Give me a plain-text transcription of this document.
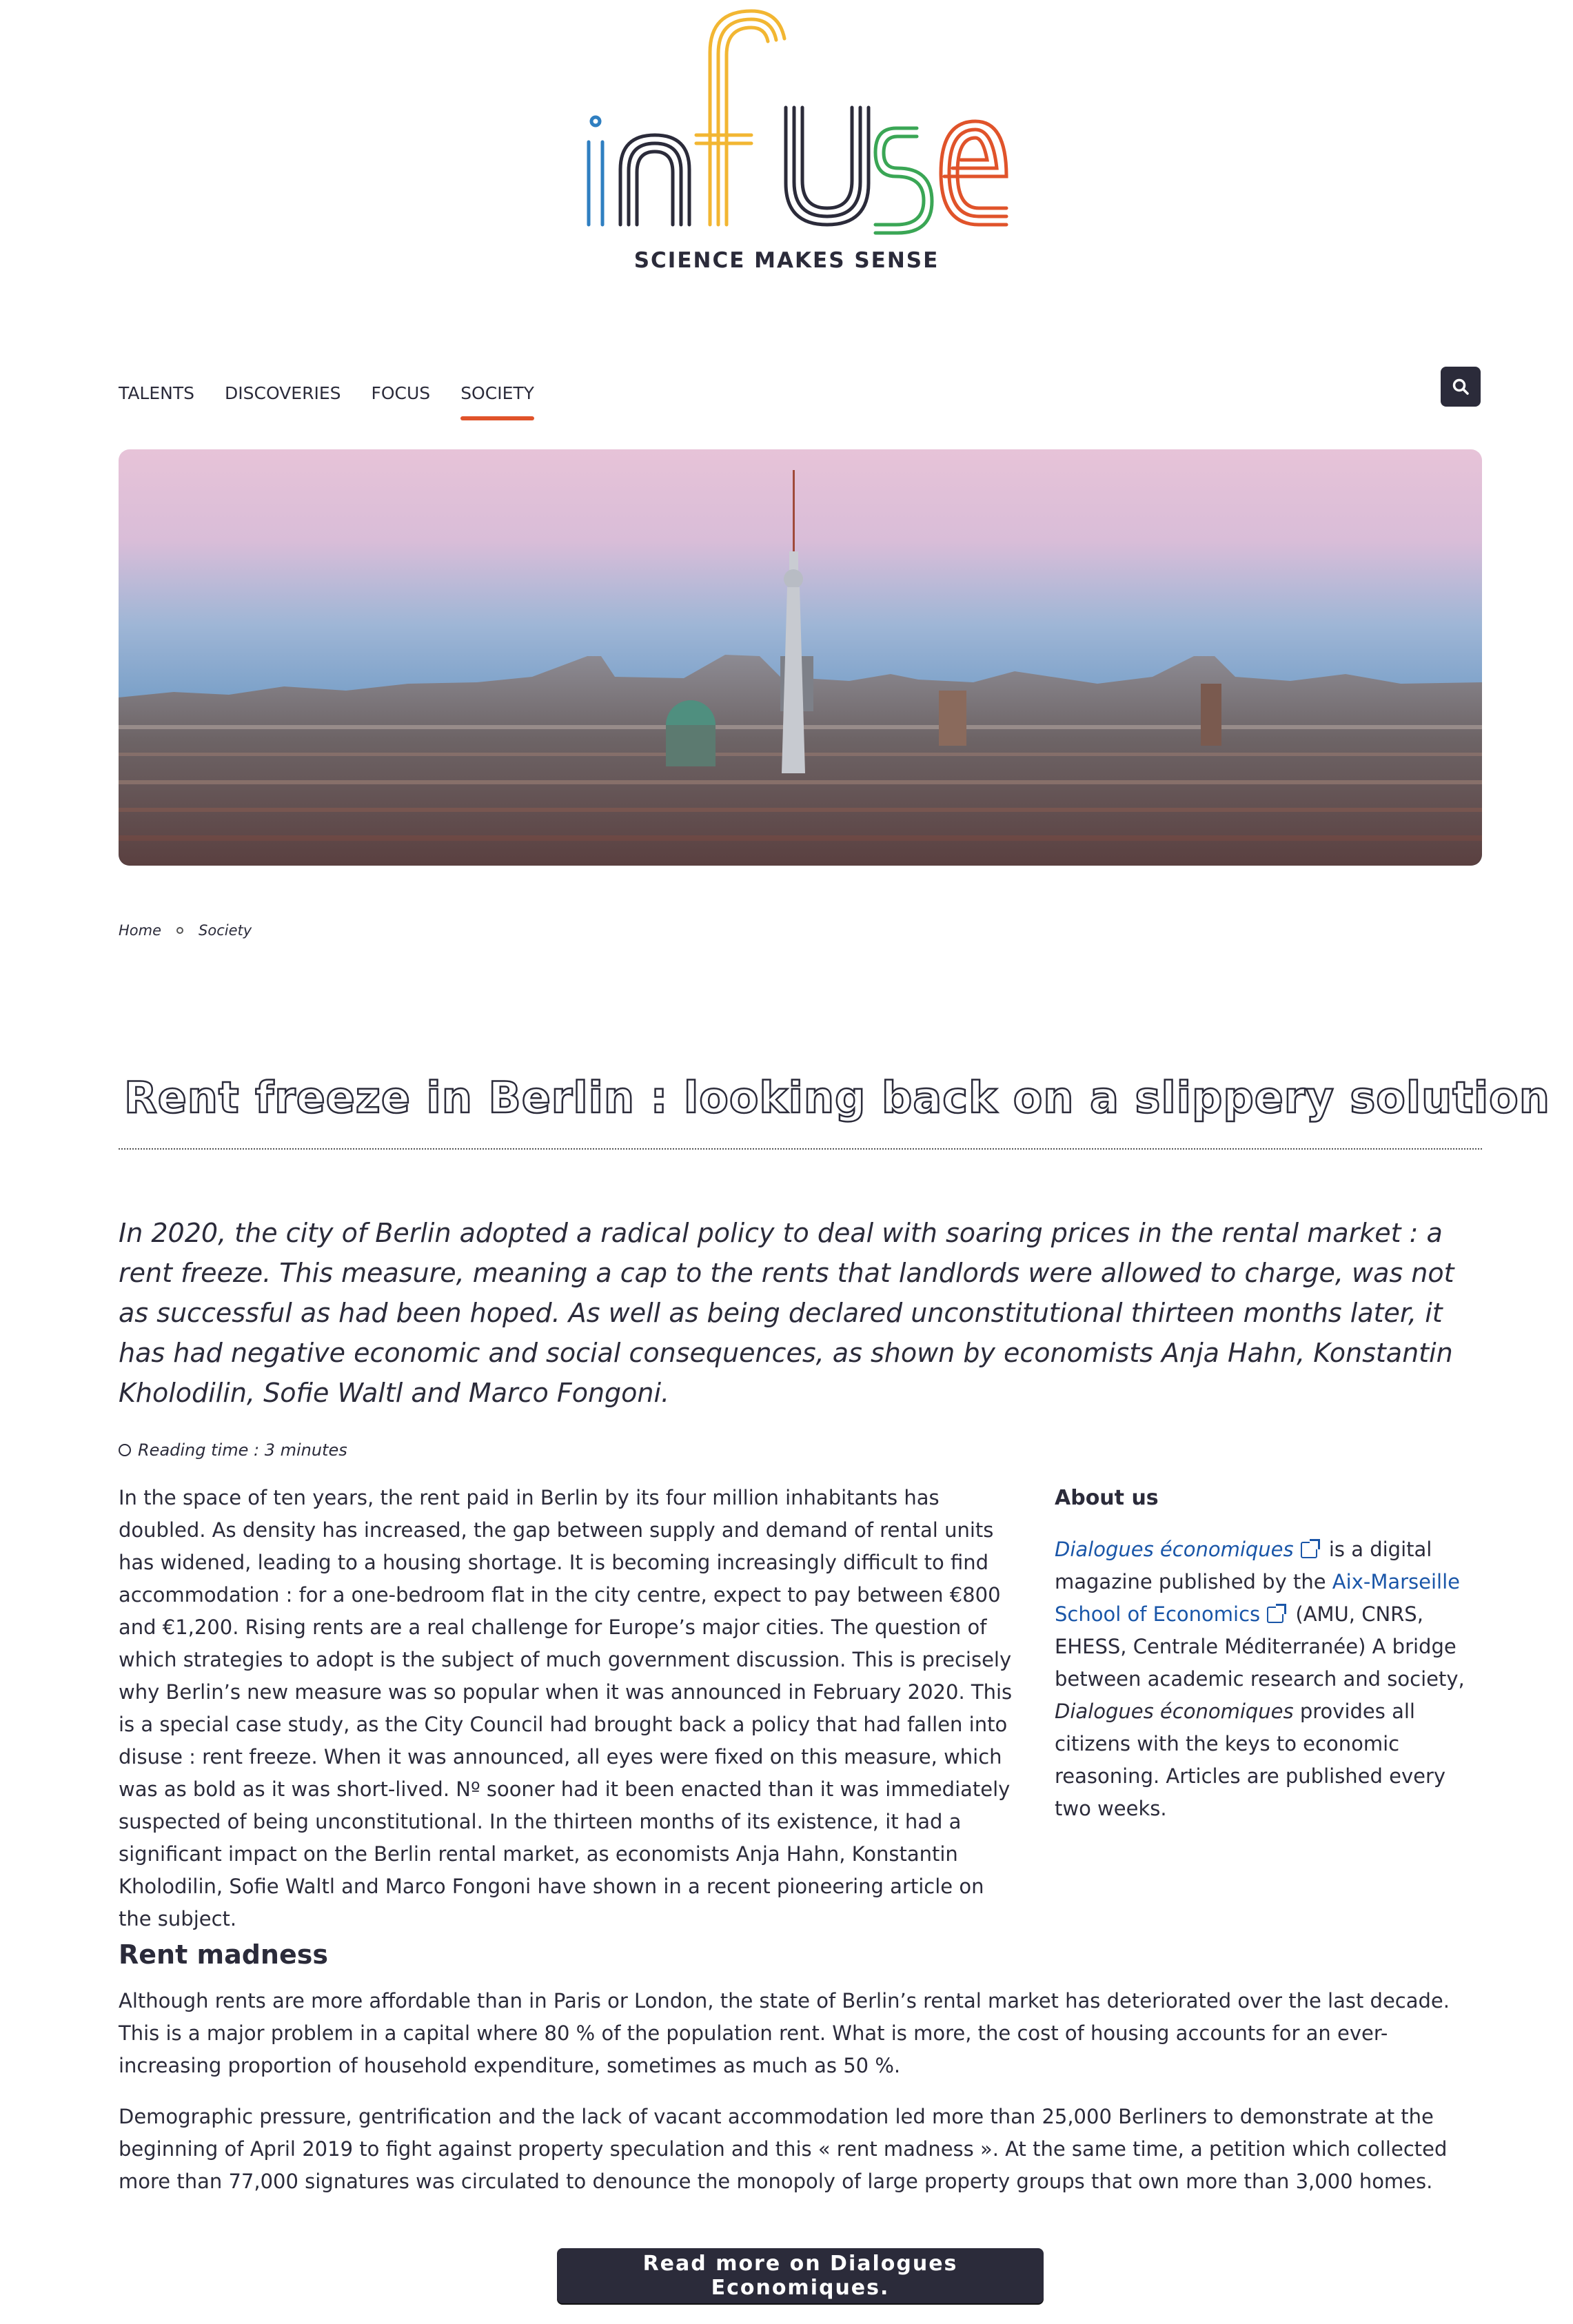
SCIENCE MAKES SENSE
TALENTS DISCOVERIES FOCUS SOCIETY
Home	Society
Rent freeze in Berlin : looking back on a slippery solution

In 2020, the city of Berlin adopted a radical policy to deal with soaring prices in the rental market : a rent freeze. This measure, meaning a cap to the rents that landlords were allowed to charge, was not as successful as had been hoped. As well as being declared unconstitutional thirteen months later, it has had negative economic and social consequences, as shown by economists Anja Hahn, Konstantin Kholodilin, Sofie Waltl and Marco Fongoni.

Reading time : 3 minutes

In the space of ten years, the rent paid in Berlin by its four million inhabitants has doubled. As density has increased, the gap between supply and demand of rental units has widened, leading to a housing shortage. It is becoming increasingly difficult to find accommodation : for a one-bedroom flat in the city centre, expect to pay between €800 and €1,200. Rising rents are a real challenge for Europe’s major cities. The question of which strategies to adopt is the subject of much government discussion. This is precisely why Berlin’s new measure was so popular when it was announced in February 2020. This is a special case study, as the City Council had brought back a policy that had fallen into disuse : rent freeze. When it was announced, all eyes were fixed on this measure, which was as bold as it was short-lived. Nº sooner had it been enacted than it was immediately suspected of being unconstitutional. In the thirteen months of its existence, it had a significant impact on the Berlin rental market, as economists Anja Hahn, Konstantin Kholodilin, Sofie Waltl and Marco Fongoni have shown in a recent pioneering article on the subject.

About us

Dialogues économiques is a digital magazine published by the Aix-Marseille School of Economics (AMU, CNRS, EHESS, Centrale Méditerranée) A bridge between academic research and society, Dialogues économiques provides all citizens with the keys to economic reasoning. Articles are published every two weeks.

Rent madness

Although rents are more affordable than in Paris or London, the state of Berlin’s rental market has deteriorated over the last decade. This is a major problem in a capital where 80 % of the population rent. What is more, the cost of housing accounts for an ever-increasing proportion of household expenditure, sometimes as much as 50 %.

Demographic pressure, gentrification and the lack of vacant accommodation led more than 25,000 Berliners to demonstrate at the beginning of April 2019 to fight against property speculation and this « rent madness ». At the same time, a petition which collected more than 77,000 signatures was circulated to denounce the monopoly of large property groups that own more than 3,000 homes.

Read more on Dialogues Economiques.
